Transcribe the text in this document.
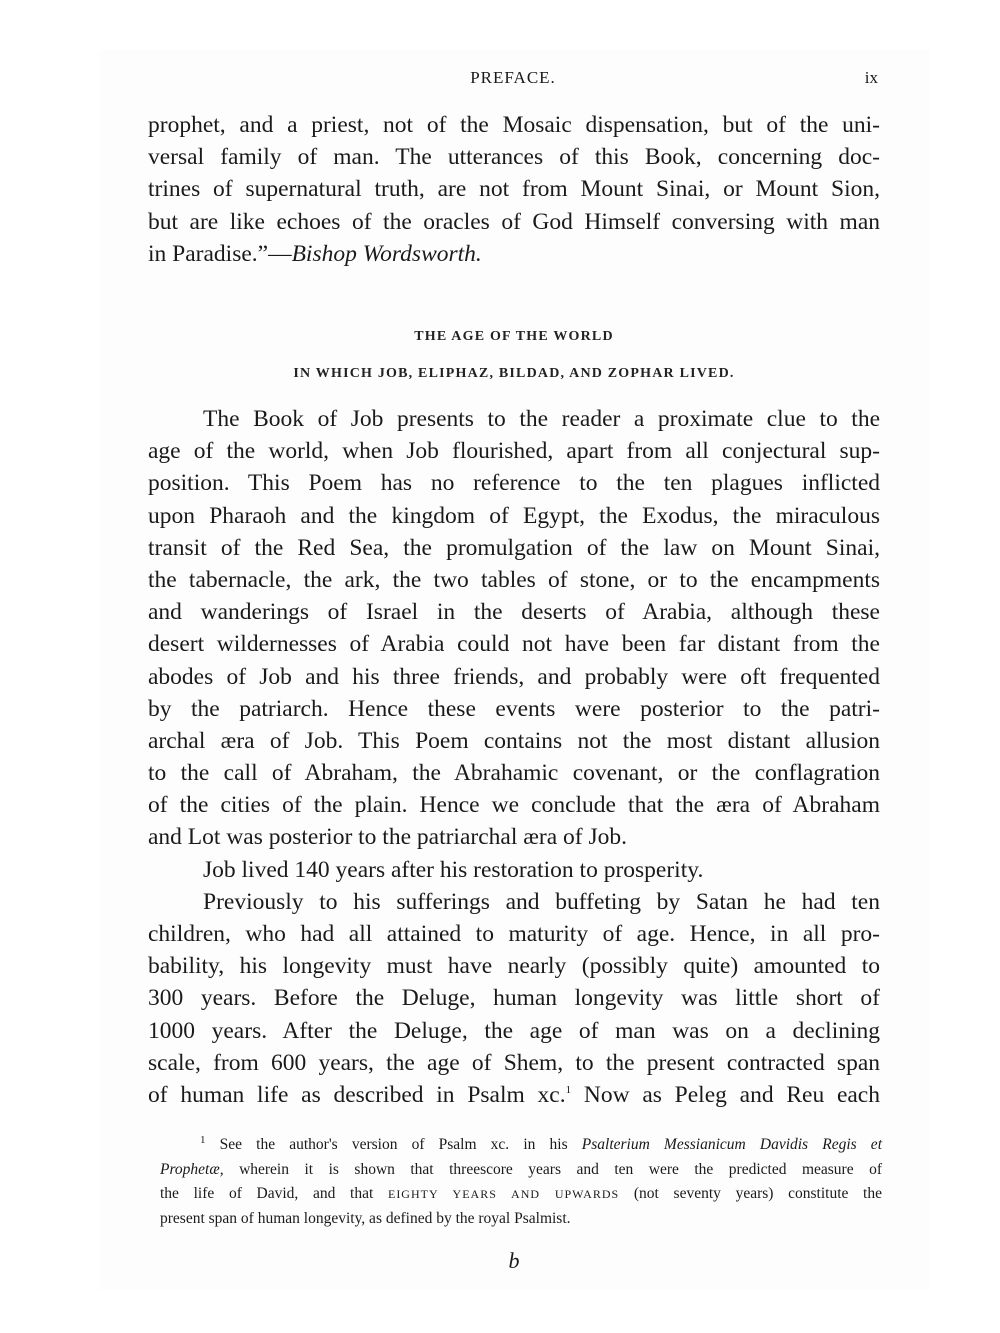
PREFACE.	ix
prophet, and a priest, not of the Mosaic dispensation, but of the uni-
versal family of man. The utterances of this Book, concerning doc-
trines of supernatural truth, are not from Mount Sinai, or Mount Sion,
but are like echoes of the oracles of God Himself conversing with man
in Paradise.”—Bishop Wordsworth.
THE AGE OF THE WORLD
IN WHICH JOB, ELIPHAZ, BILDAD, AND ZOPHAR LIVED.
The Book of Job presents to the reader a proximate clue to the
age of the world, when Job flourished, apart from all conjectural sup-
position. This Poem has no reference to the ten plagues inflicted
upon Pharaoh and the kingdom of Egypt, the Exodus, the miraculous
transit of the Red Sea, the promulgation of the law on Mount Sinai,
the tabernacle, the ark, the two tables of stone, or to the encampments
and wanderings of Israel in the deserts of Arabia, although these
desert wildernesses of Arabia could not have been far distant from the
abodes of Job and his three friends, and probably were oft frequented
by the patriarch. Hence these events were posterior to the patri-
archal æra of Job. This Poem contains not the most distant allusion
to the call of Abraham, the Abrahamic covenant, or the conflagration
of the cities of the plain. Hence we conclude that the æra of Abraham
and Lot was posterior to the patriarchal æra of Job.
Job lived 140 years after his restoration to prosperity.
Previously to his sufferings and buffeting by Satan he had ten
children, who had all attained to maturity of age. Hence, in all pro-
bability, his longevity must have nearly (possibly quite) amounted to
300 years. Before the Deluge, human longevity was little short of
1000 years. After the Deluge, the age of man was on a declining
scale, from 600 years, the age of Shem, to the present contracted span
of human life as described in Psalm xc.$^1$ Now as Peleg and Reu each
$^1$ See the author's version of Psalm xc. in his Psalterium Messianicum Davidis Regis et
Prophetæ, wherein it is shown that threescore years and ten were the predicted measure of
the life of David, and that EIGHTY YEARS AND UPWARDS (not seventy years) constitute the
present span of human longevity, as defined by the royal Psalmist.
b
